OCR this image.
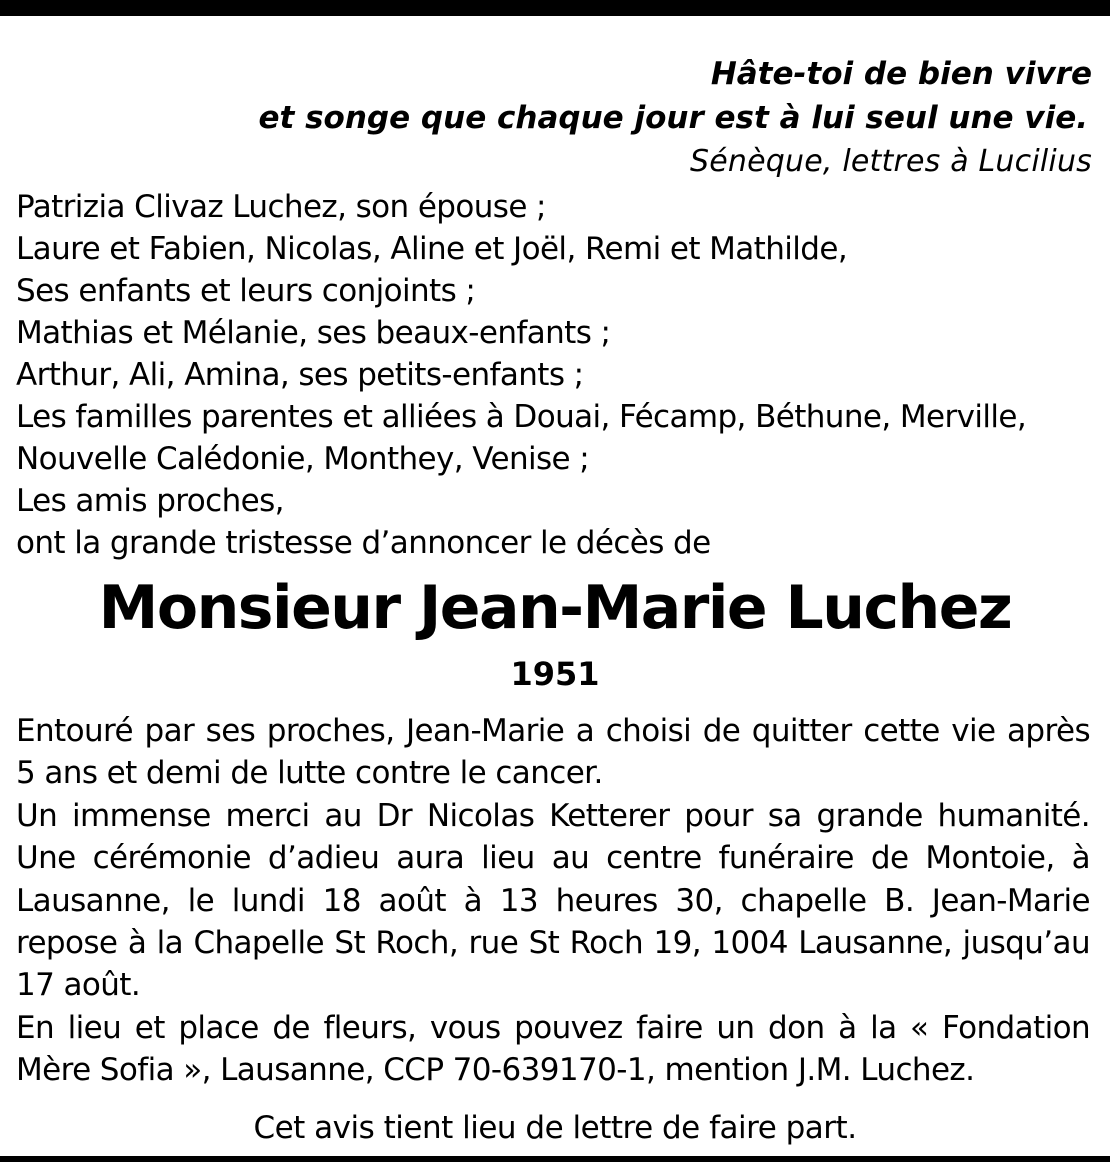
Hâte-toi de bien vivre
et songe que chaque jour est à lui seul une vie.
Sénèque, lettres à Lucilius
Patrizia Clivaz Luchez, son épouse ;
Laure et Fabien, Nicolas, Aline et Joël, Remi et Mathilde,
Ses enfants et leurs conjoints ;
Mathias et Mélanie, ses beaux-enfants ;
Arthur, Ali, Amina, ses petits-enfants ;
Les familles parentes et alliées à Douai, Fécamp, Béthune, Merville,
Nouvelle Calédonie, Monthey, Venise ;
Les amis proches,
ont la grande tristesse d’annoncer le décès de
Monsieur Jean-Marie Luchez
1951

Entouré par ses proches, Jean-Marie a choisi de quitter cette vie après 5 ans et demi de lutte contre le cancer.

Un immense merci au Dr Nicolas Ketterer pour sa grande humanité. Une cérémonie d’adieu aura lieu au centre funéraire de Montoie, à Lausanne, le lundi 18 août à 13 heures 30, chapelle B. Jean-Marie repose à la Chapelle St Roch, rue St Roch 19, 1004 Lausanne, jusqu’au 17 août.

En lieu et place de fleurs, vous pouvez faire un don à la « Fondation Mère Sofia », Lausanne, CCP 70-639170-1, mention J.M. Luchez.

Cet avis tient lieu de lettre de faire part.
